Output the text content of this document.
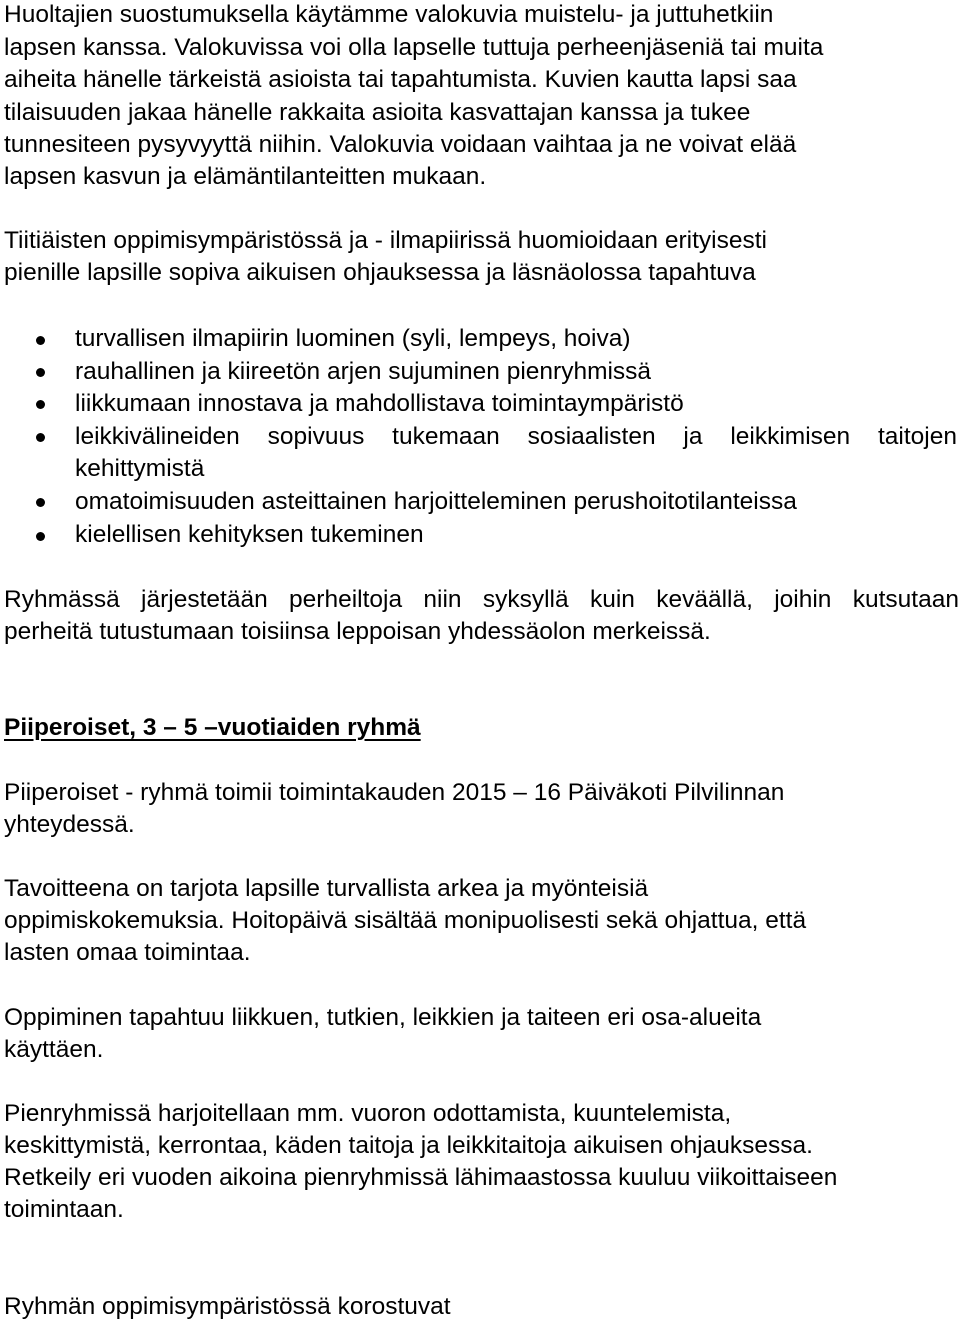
Huoltajien suostumuksella käytämme valokuvia muistelu- ja juttuhetkiin
lapsen kanssa. Valokuvissa voi olla lapselle tuttuja perheenjäseniä tai muita
aiheita hänelle tärkeistä asioista tai tapahtumista. Kuvien kautta lapsi saa
tilaisuuden jakaa hänelle rakkaita asioita kasvattajan kanssa ja tukee
tunnesiteen pysyvyyttä niihin. Valokuvia voidaan vaihtaa ja ne voivat elää
lapsen kasvun ja elämäntilanteitten mukaan.
Tiitiäisten oppimisympäristössä ja - ilmapiirissä huomioidaan erityisesti
pienille lapsille sopiva aikuisen ohjauksessa ja läsnäolossa tapahtuva
turvallisen ilmapiirin luominen (syli, lempeys, hoiva)
rauhallinen ja kiireetön arjen sujuminen pienryhmissä
liikkumaan innostava ja mahdollistava toimintaympäristö
leikkivälineiden sopivuus tukemaan sosiaalisten ja leikkimisen taitojen
kehittymistä
omatoimisuuden asteittainen harjoitteleminen perushoitotilanteissa
kielellisen kehityksen tukeminen
Ryhmässä järjestetään perheiltoja niin syksyllä kuin keväällä, joihin kutsutaan
perheitä tutustumaan toisiinsa leppoisan yhdessäolon merkeissä.
Piiperoiset, 3 – 5 –vuotiaiden ryhmä
Piiperoiset - ryhmä toimii toimintakauden 2015 – 16 Päiväkoti Pilvilinnan
yhteydessä.
Tavoitteena on tarjota lapsille turvallista arkea ja myönteisiä
oppimiskokemuksia. Hoitopäivä sisältää monipuolisesti sekä ohjattua, että
lasten omaa toimintaa.
Oppiminen tapahtuu liikkuen, tutkien, leikkien ja taiteen eri osa-alueita
käyttäen.
Pienryhmissä harjoitellaan mm. vuoron odottamista, kuuntelemista,
keskittymistä, kerrontaa, käden taitoja ja leikkitaitoja aikuisen ohjauksessa.
Retkeily eri vuoden aikoina pienryhmissä lähimaastossa kuuluu viikoittaiseen
toimintaan.
Ryhmän oppimisympäristössä korostuvat
